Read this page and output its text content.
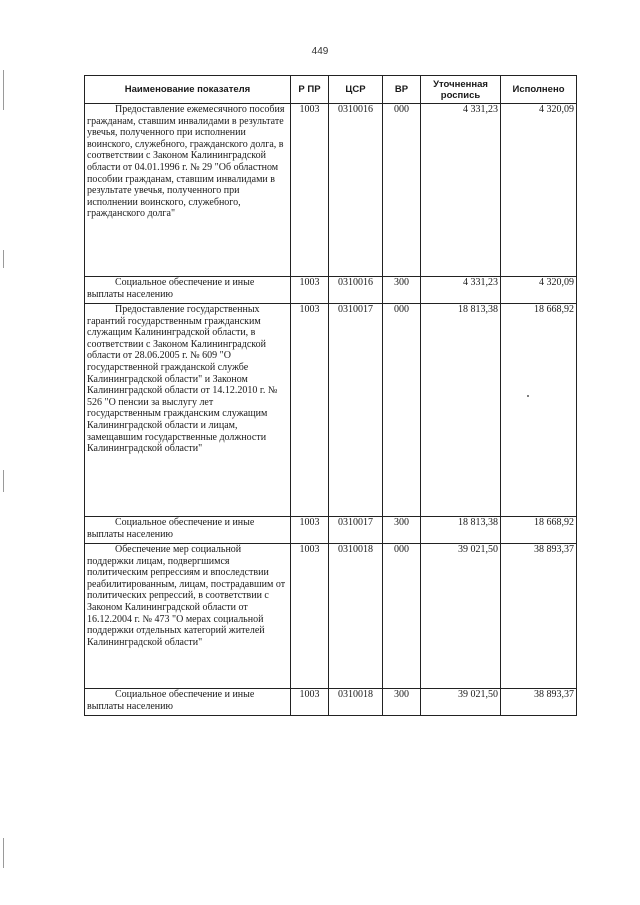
449
Наименование показателя	Р ПР	ЦСР	ВР	Уточненная роспись	Исполнено
Предоставление ежемесячного пособия гражданам, ставшим инвалидами в результате увечья, полученного при исполнении воинского, служебного, гражданского долга, в соответствии с Законом Калининградской области от 04.01.1996 г. № 29 "Об областном пособии гражданам, ставшим инвалидами в результате увечья, полученного при исполнении воинского, служебного, гражданского долга"	1003	0310016	000	4 331,23	4 320,09
Социальное обеспечение и иные выплаты населению	1003	0310016	300	4 331,23	4 320,09
Предоставление государственных гарантий государственным гражданским служащим Калининградской области, в соответствии с Законом Калининградской области от 28.06.2005 г. № 609 "О государственной гражданской службе Калининградской области" и Законом Калининградской области от 14.12.2010 г. № 526 "О пенсии за выслугу лет государственным гражданским служащим Калининградской области и лицам, замещавшим государственные должности Калининградской области"	1003	0310017	000	18 813,38	18 668,92
Социальное обеспечение и иные выплаты населению	1003	0310017	300	18 813,38	18 668,92
Обеспечение мер социальной поддержки лицам, подвергшимся политическим репрессиям и впоследствии реабилитированным, лицам, пострадавшим от политических репрессий, в соответствии с Законом Калининградской области от 16.12.2004 г. № 473 "О мерах социальной поддержки отдельных категорий жителей Калининградской области"	1003	0310018	000	39 021,50	38 893,37
Социальное обеспечение и иные выплаты населению	1003	0310018	300	39 021,50	38 893,37
